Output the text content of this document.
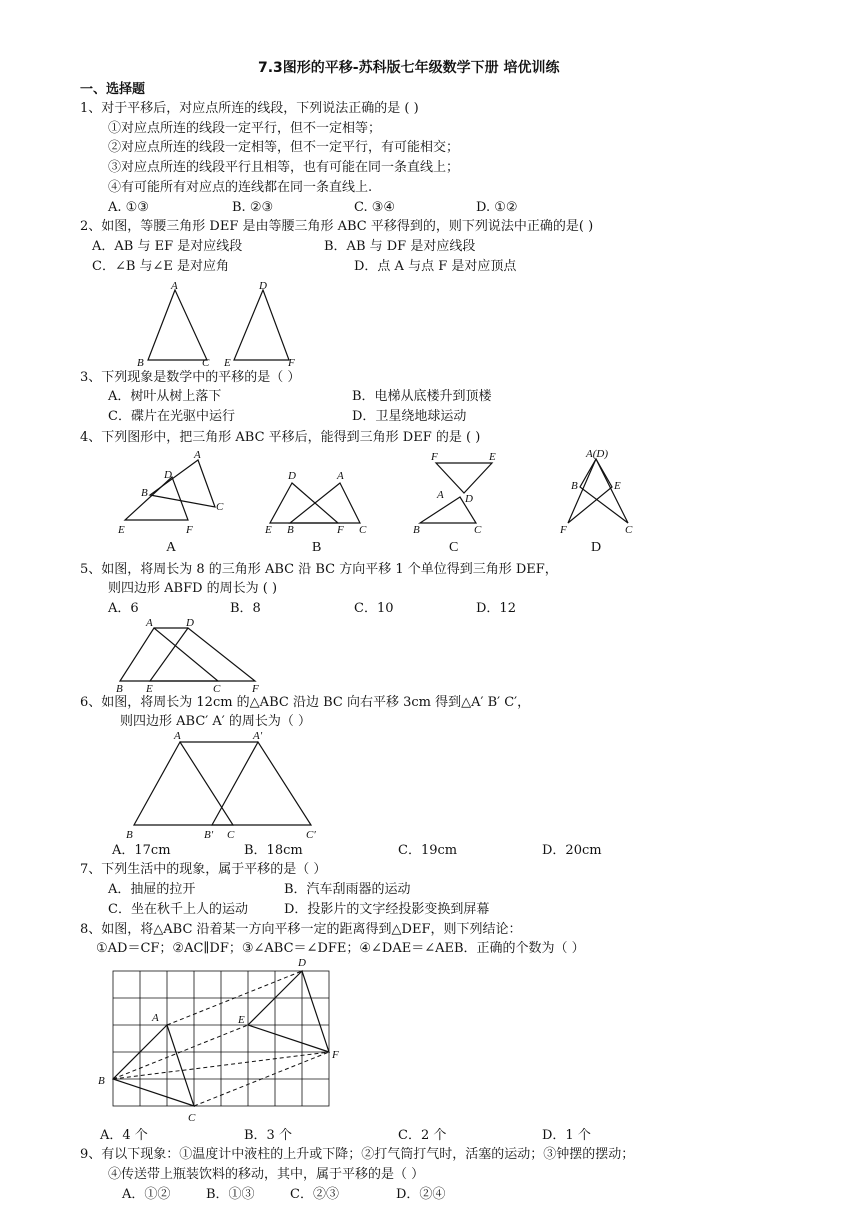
7.3图形的平移-苏科版七年级数学下册 培优训练
一、选择题
1、对于平移后，对应点所连的线段，下列说法正确的是 ( )
①对应点所连的线段一定平行，但不一定相等；
②对应点所连的线段一定相等，但不一定平行，有可能相交；
③对应点所连的线段平行且相等，也有可能在同一条直线上；
④有可能所有对应点的连线都在同一条直线上.
A. ①③	B. ②③	C. ③④	D. ①②
2、如图，等腰三角形 DEF 是由等腰三角形 ABC 平移得到的，则下列说法中正确的是( )
A．AB 与 EF 是对应线段	B．AB 与 DF 是对应线段
C．∠B 与∠E 是对应角	D．点 A 与点 F 是对应顶点
A
B	C
D
E	F
3、下列现象是数学中的平移的是（ ）
A．树叶从树上落下	B．电梯从底楼升到顶楼
C．碟片在光驱中运行	D．卫星绕地球运动
4、下列图形中，把三角形 ABC 平移后，能得到三角形 DEF 的是 ( )
A
B
C
D
E	F
A
A
B	C
D
E	F
B
F	E
D
A
B	C
C
A(D)
B	E
F	C
D
5、如图，将周长为 8 的三角形 ABC 沿 BC 方向平移 1 个单位得到三角形 DEF，
则四边形 ABFD 的周长为 ( )
A．6	B．8	C．10	D．12
A	D
B E	C	F
6、如图，将周长为 12cm 的△ABC 沿边 BC 向右平移 3cm 得到△A′ B′ C′，
则四边形 ABC′ A′ 的周长为（ ）
A	A′
B	B′ C	C′
A．17cm	B．18cm	C．19cm	D．20cm
7、下列生活中的现象，属于平移的是（ ）
A．抽屉的拉开	B．汽车刮雨器的运动
C．坐在秋千上人的运动	D．投影片的文字经投影变换到屏幕
8、如图，将△ABC 沿着某一方向平移一定的距离得到△DEF，则下列结论：
①AD＝CF；②AC∥DF；③∠ABC＝∠DFE；④∠DAE＝∠AEB．正确的个数为（ ）
A
B
C
D
E
F
A．4 个	B．3 个	C．2 个	D．1 个
9、有以下现象：①温度计中液柱的上升或下降；②打气筒打气时，活塞的运动；③钟摆的摆动；
④传送带上瓶装饮料的移动，其中，属于平移的是（ ）
A．①②	B．①③	C．②③	D．②④
